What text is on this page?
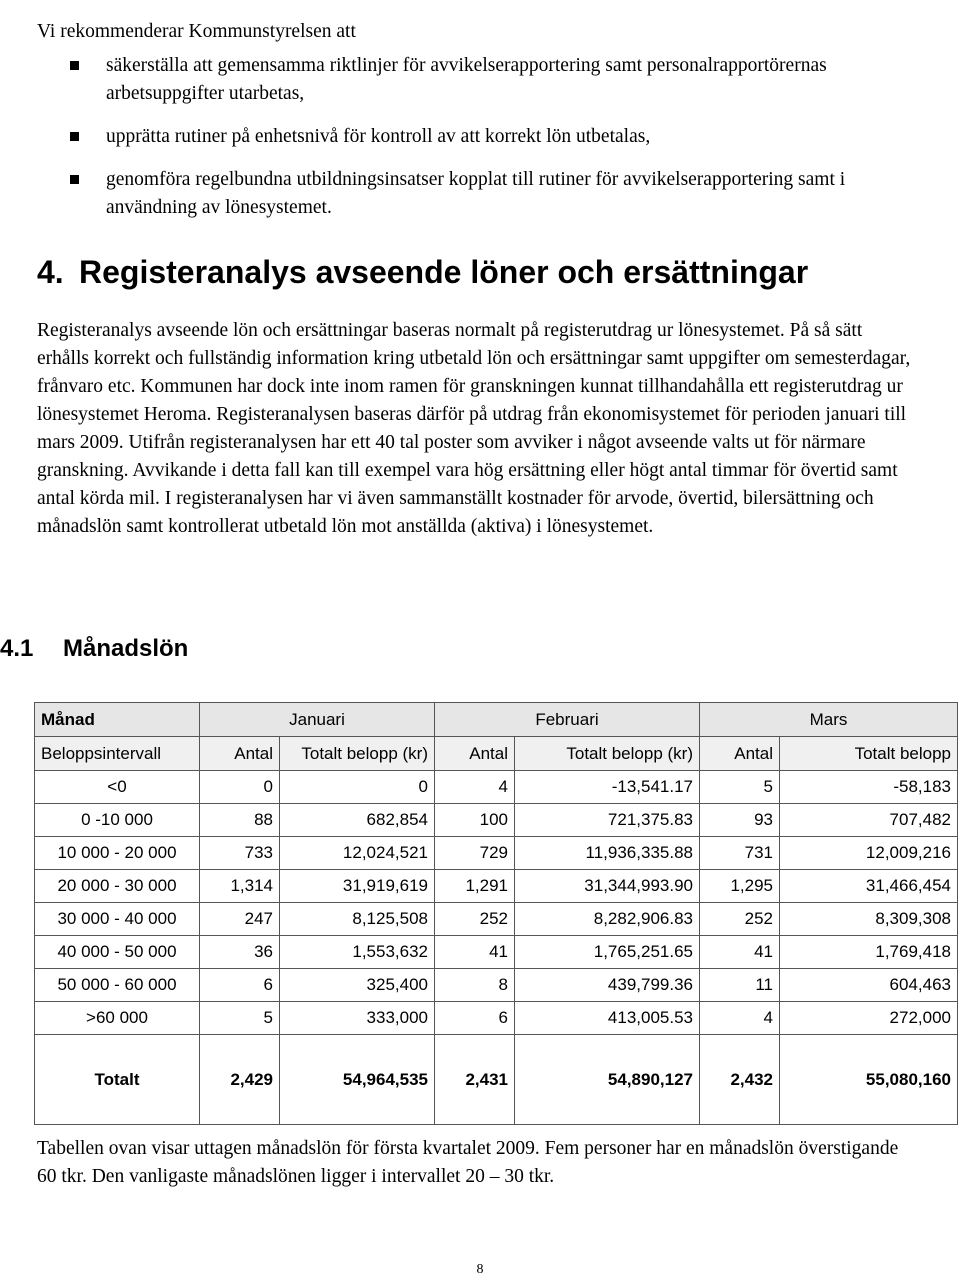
Vi rekommenderar Kommunstyrelsen att

säkerställa att gemensamma riktlinjer för avvikelserapportering samt personalrapportörernas arbetsuppgifter utarbetas,
upprätta rutiner på enhetsnivå för kontroll av att korrekt lön utbetalas,
genomföra regelbundna utbildningsinsatser kopplat till rutiner för avvikelserapportering samt i användning av lönesystemet.
4. Registeranalys avseende löner och ersättningar

Registeranalys avseende lön och ersättningar baseras normalt på registerutdrag ur lönesystemet. På så sätt erhålls korrekt och fullständig information kring utbetald lön och ersättningar samt uppgifter om semesterdagar, frånvaro etc. Kommunen har dock inte inom ramen för granskningen kunnat tillhandahålla ett registerutdrag ur lönesystemet Heroma. Registeranalysen baseras därför på utdrag från ekonomisystemet för perioden januari till mars 2009. Utifrån registeranalysen har ett 40 tal poster som avviker i något avseende valts ut för närmare granskning. Avvikande i detta fall kan till exempel vara hög ersättning eller högt antal timmar för övertid samt antal körda mil. I registeranalysen har vi även sammanställt kostnader för arvode, övertid, bilersättning och månadslön samt kontrollerat utbetald lön mot anställda (aktiva) i lönesystemet.

4.1 Månadslön
Månad	Januari		Februari		Mars	
Beloppsintervall	Antal	Totalt belopp (kr)	Antal	Totalt belopp (kr)	Antal	Totalt belopp
<0	0	0	4	-13,541.17	5	-58,183
0 -10 000	88	682,854	100	721,375.83	93	707,482
10 000 - 20 000	733	12,024,521	729	11,936,335.88	731	12,009,216
20 000 - 30 000	1,314	31,919,619	1,291	31,344,993.90	1,295	31,466,454
30 000 - 40 000	247	8,125,508	252	8,282,906.83	252	8,309,308
40 000 - 50 000	36	1,553,632	41	1,765,251.65	41	1,769,418
50 000 - 60 000	6	325,400	8	439,799.36	11	604,463
>60 000	5	333,000	6	413,005.53	4	272,000
Totalt	2,429	54,964,535	2,431	54,890,127	2,432	55,080,160

Tabellen ovan visar uttagen månadslön för första kvartalet 2009. Fem personer har en månadslön överstigande 60 tkr. Den vanligaste månadslönen ligger i intervallet 20 – 30 tkr.

8
